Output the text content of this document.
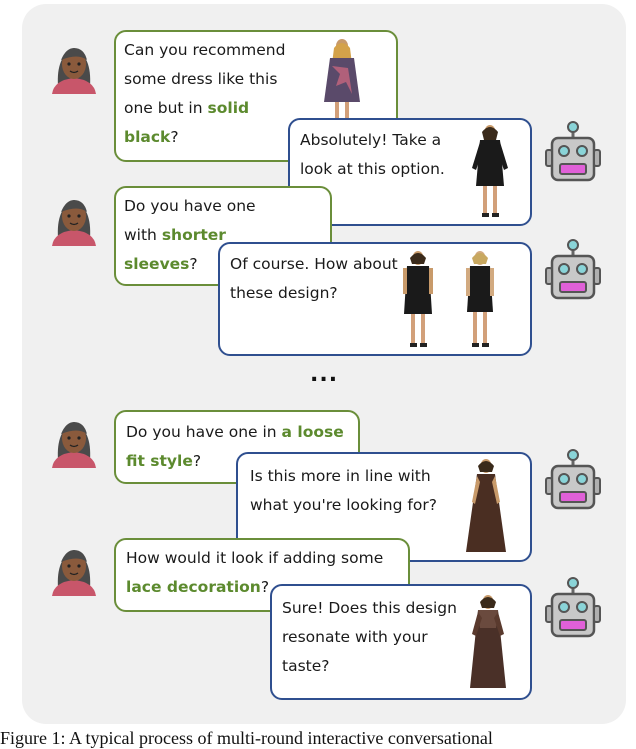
Can you recommend some dress like this one but in solid black?	Absolutely! Take a look at this option.
Do you have one with shorter sleeves?	Of course. How about these design?
...
Do you have one in a loose fit style?
Is this more in line with what you're looking for?
How would it look if adding some lace decoration?
Sure! Does this design resonate with your taste?
Figure 1: A typical process of multi-round interactive conversational
